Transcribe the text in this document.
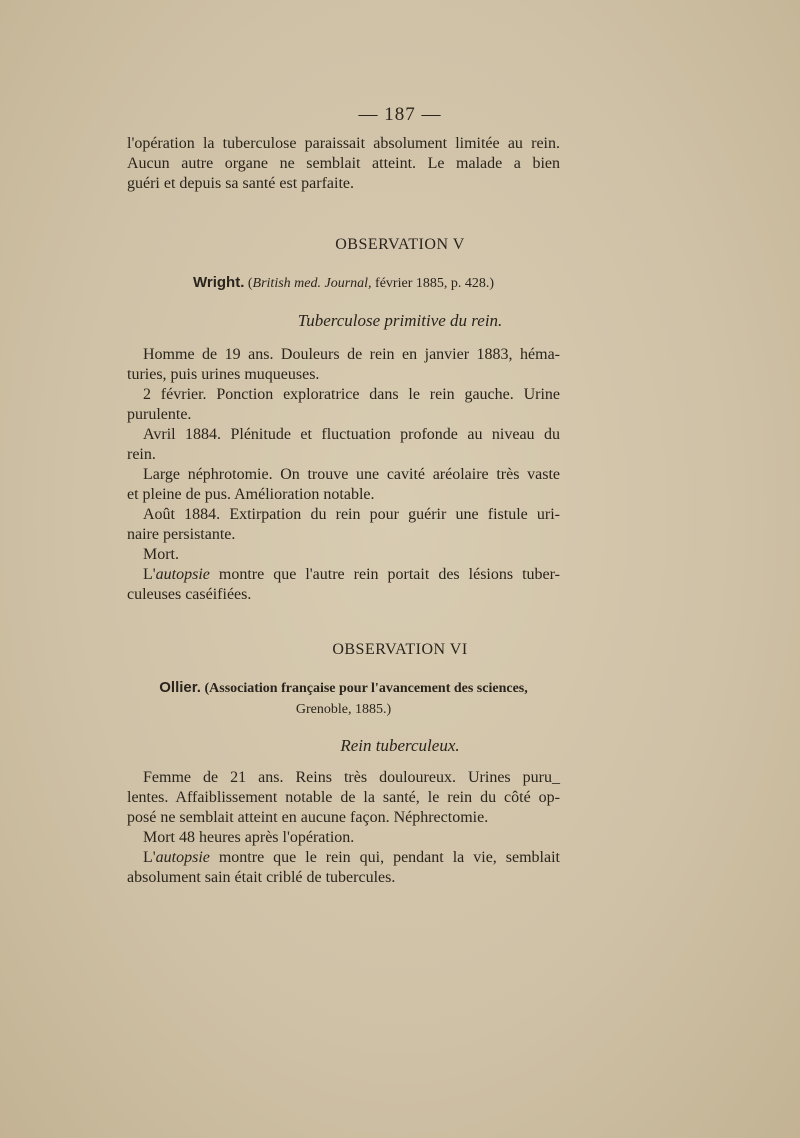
— 187 —
l'opération la tuberculose paraissait absolument limitée au rein.
Aucun autre organe ne semblait atteint. Le malade a bien
guéri et depuis sa santé est parfaite.
OBSERVATION V
Wright. (British med. Journal, février 1885, p. 428.)
Tuberculose primitive du rein.
Homme de 19 ans. Douleurs de rein en janvier 1883, héma-
turies, puis urines muqueuses.
2 février. Ponction exploratrice dans le rein gauche. Urine
purulente.
Avril 1884. Plénitude et fluctuation profonde au niveau du
rein.
Large néphrotomie. On trouve une cavité aréolaire très vaste
et pleine de pus. Amélioration notable.
Août 1884. Extirpation du rein pour guérir une fistule uri-
naire persistante.
Mort.
L'autopsie montre que l'autre rein portait des lésions tuber-
culeuses caséifiées.
OBSERVATION VI
Ollier. (Association française pour l'avancement des sciences,
Grenoble, 1885.)
Rein tuberculeux.
Femme de 21 ans. Reins très douloureux. Urines puru_
lentes. Affaiblissement notable de la santé, le rein du côté op-
posé ne semblait atteint en aucune façon. Néphrectomie.
Mort 48 heures après l'opération.
L'autopsie montre que le rein qui, pendant la vie, semblait
absolument sain était criblé de tubercules.
